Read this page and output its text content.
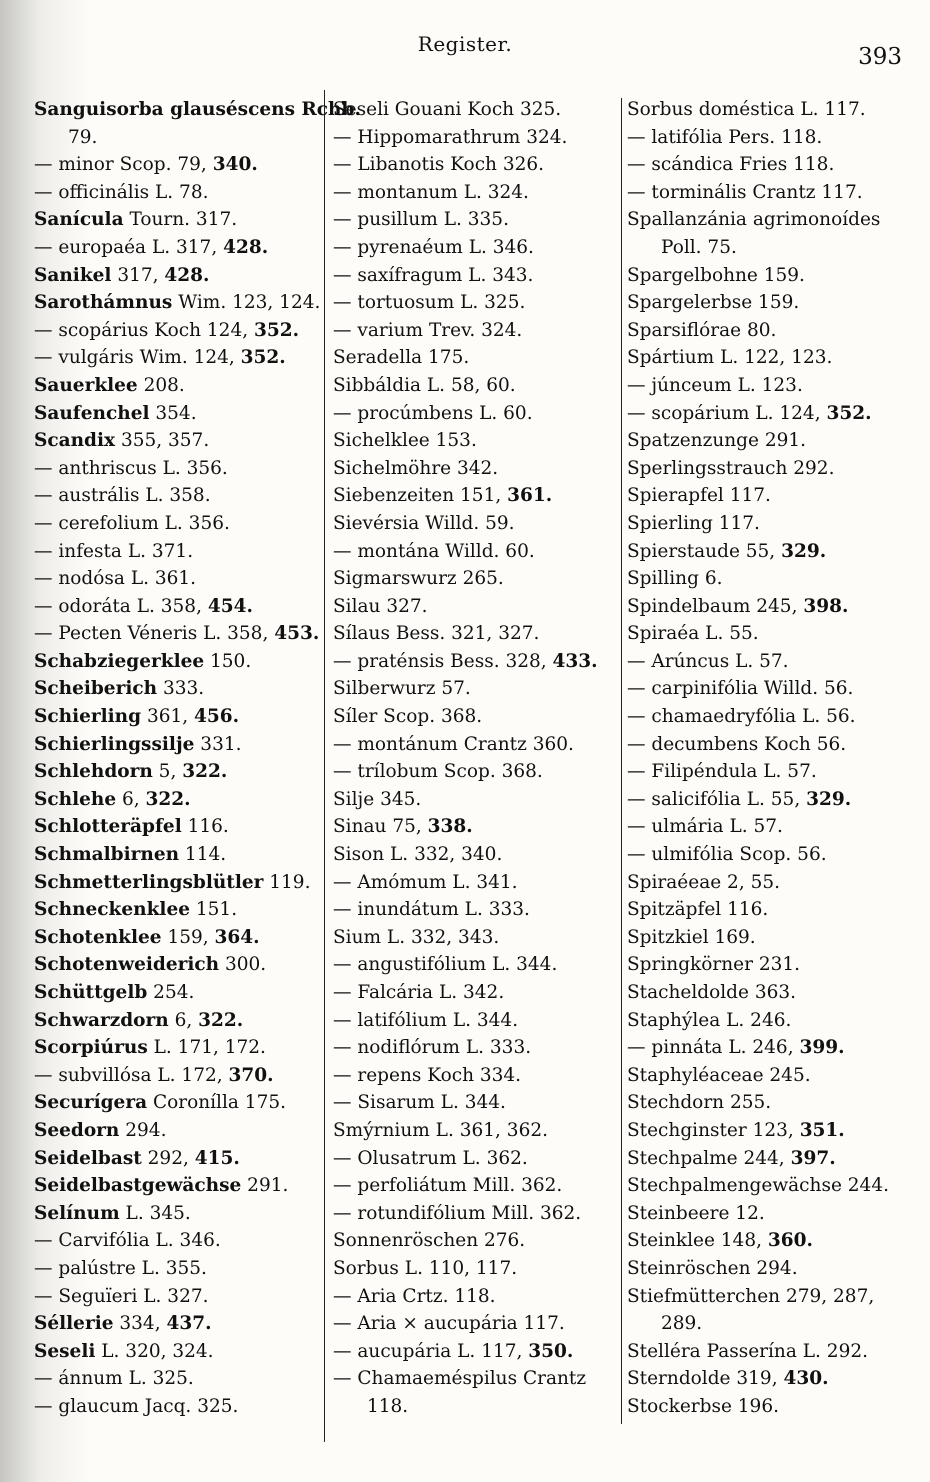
Register.	393
Sanguisorba glauséscens Rchb.
79.
— minor Scop. 79, 340.
— officinális L. 78.
Sanícula Tourn. 317.
— europaéa L. 317, 428.
Sanikel 317, 428.
Sarothámnus Wim. 123, 124.
— scopárius Koch 124, 352.
— vulgáris Wim. 124, 352.
Sauerklee 208.
Saufenchel 354.
Scandix 355, 357.
— anthriscus L. 356.
— austrális L. 358.
— cerefolium L. 356.
— infesta L. 371.
— nodósa L. 361.
— odoráta L. 358, 454.
— Pecten Véneris L. 358, 453.
Schabziegerklee 150.
Scheiberich 333.
Schierling 361, 456.
Schierlingssilje 331.
Schlehdorn 5, 322.
Schlehe 6, 322.
Schlotteräpfel 116.
Schmalbirnen 114.
Schmetterlingsblütler 119.
Schneckenklee 151.
Schotenklee 159, 364.
Schotenweiderich 300.
Schüttgelb 254.
Schwarzdorn 6, 322.
Scorpiúrus L. 171, 172.
— subvillósa L. 172, 370.
Securígera Coronílla 175.
Seedorn 294.
Seidelbast 292, 415.
Seidelbastgewächse 291.
Selínum L. 345.
— Carvifólia L. 346.
— palústre L. 355.
— Seguïeri L. 327.
Séllerie 334, 437.
Seseli L. 320, 324.
— ánnum L. 325.
— glaucum Jacq. 325.
Seseli Gouani Koch 325.
— Hippomarathrum 324.
— Libanotis Koch 326.
— montanum L. 324.
— pusillum L. 335.
— pyrenaéum L. 346.
— saxífragum L. 343.
— tortuosum L. 325.
— varium Trev. 324.
Seradella 175.
Sibbáldia L. 58, 60.
— procúmbens L. 60.
Sichelklee 153.
Sichelmöhre 342.
Siebenzeiten 151, 361.
Sievérsia Willd. 59.
— montána Willd. 60.
Sigmarswurz 265.
Silau 327.
Sílaus Bess. 321, 327.
— praténsis Bess. 328, 433.
Silberwurz 57.
Síler Scop. 368.
— montánum Crantz 360.
— trílobum Scop. 368.
Silje 345.
Sinau 75, 338.
Sison L. 332, 340.
— Amómum L. 341.
— inundátum L. 333.
Sium L. 332, 343.
— angustifólium L. 344.
— Falcária L. 342.
— latifólium L. 344.
— nodiflórum L. 333.
— repens Koch 334.
— Sisarum L. 344.
Smýrnium L. 361, 362.
— Olusatrum L. 362.
— perfoliátum Mill. 362.
— rotundifólium Mill. 362.
Sonnenröschen 276.
Sorbus L. 110, 117.
— Aria Crtz. 118.
— Aria × aucupária 117.
— aucupária L. 117, 350.
— Chamaeméspilus Crantz
118.
Sorbus doméstica L. 117.
— latifólia Pers. 118.
— scándica Fries 118.
— torminális Crantz 117.
Spallanzánia agrimonoídes
Poll. 75.
Spargelbohne 159.
Spargelerbse 159.
Sparsiflórae 80.
Spártium L. 122, 123.
— júnceum L. 123.
— scopárium L. 124, 352.
Spatzenzunge 291.
Sperlingsstrauch 292.
Spierapfel 117.
Spierling 117.
Spierstaude 55, 329.
Spilling 6.
Spindelbaum 245, 398.
Spiraéa L. 55.
— Arúncus L. 57.
— carpinifólia Willd. 56.
— chamaedryfólia L. 56.
— decumbens Koch 56.
— Filipéndula L. 57.
— salicifólia L. 55, 329.
— ulmária L. 57.
— ulmifólia Scop. 56.
Spiraéeae 2, 55.
Spitzäpfel 116.
Spitzkiel 169.
Springkörner 231.
Stacheldolde 363.
Staphýlea L. 246.
— pinnáta L. 246, 399.
Staphyléaceae 245.
Stechdorn 255.
Stechginster 123, 351.
Stechpalme 244, 397.
Stechpalmengewächse 244.
Steinbeere 12.
Steinklee 148, 360.
Steinröschen 294.
Stiefmütterchen 279, 287,
289.
Stelléra Passerína L. 292.
Sterndolde 319, 430.
Stockerbse 196.
